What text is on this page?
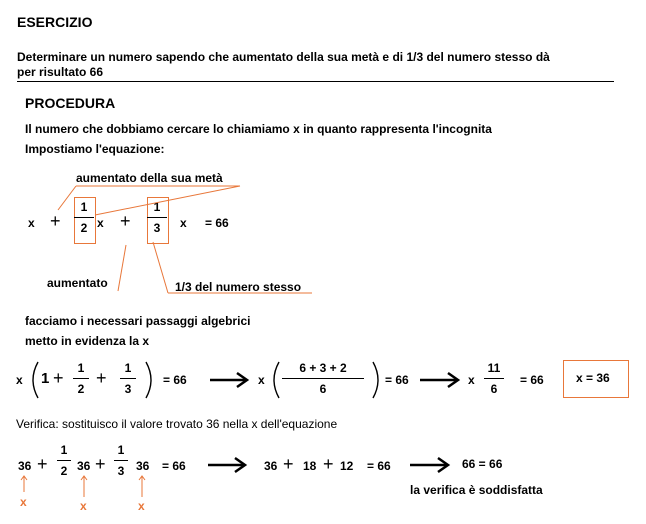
ESERCIZIO
Determinare un numero sapendo che aumentato della sua metà e di 1/3 del numero stesso dà
per risultato 66
PROCEDURA
Il numero che dobbiamo cercare lo chiamiamo x in quanto rappresenta l'incognita
Impostiamo l'equazione:
x +
1
2 x +
1
3	x = 66
aumentato della sua metà
aumentato	1/3 del numero stesso
facciamo i necessari passaggi algebrici
metto in evidenza la x
x 1 +	1
2
+	1
3
= 66	x
6 + 3 + 2
6
= 66	x
11
6
= 66	x = 36
Verifica: sostituisco il valore trovato 36 nella x dell'equazione
36 +
1
2 36 +
1
3 36 = 66	36 + 18 + 12 = 66	66 = 66
x	x	x
la verifica è soddisfatta
